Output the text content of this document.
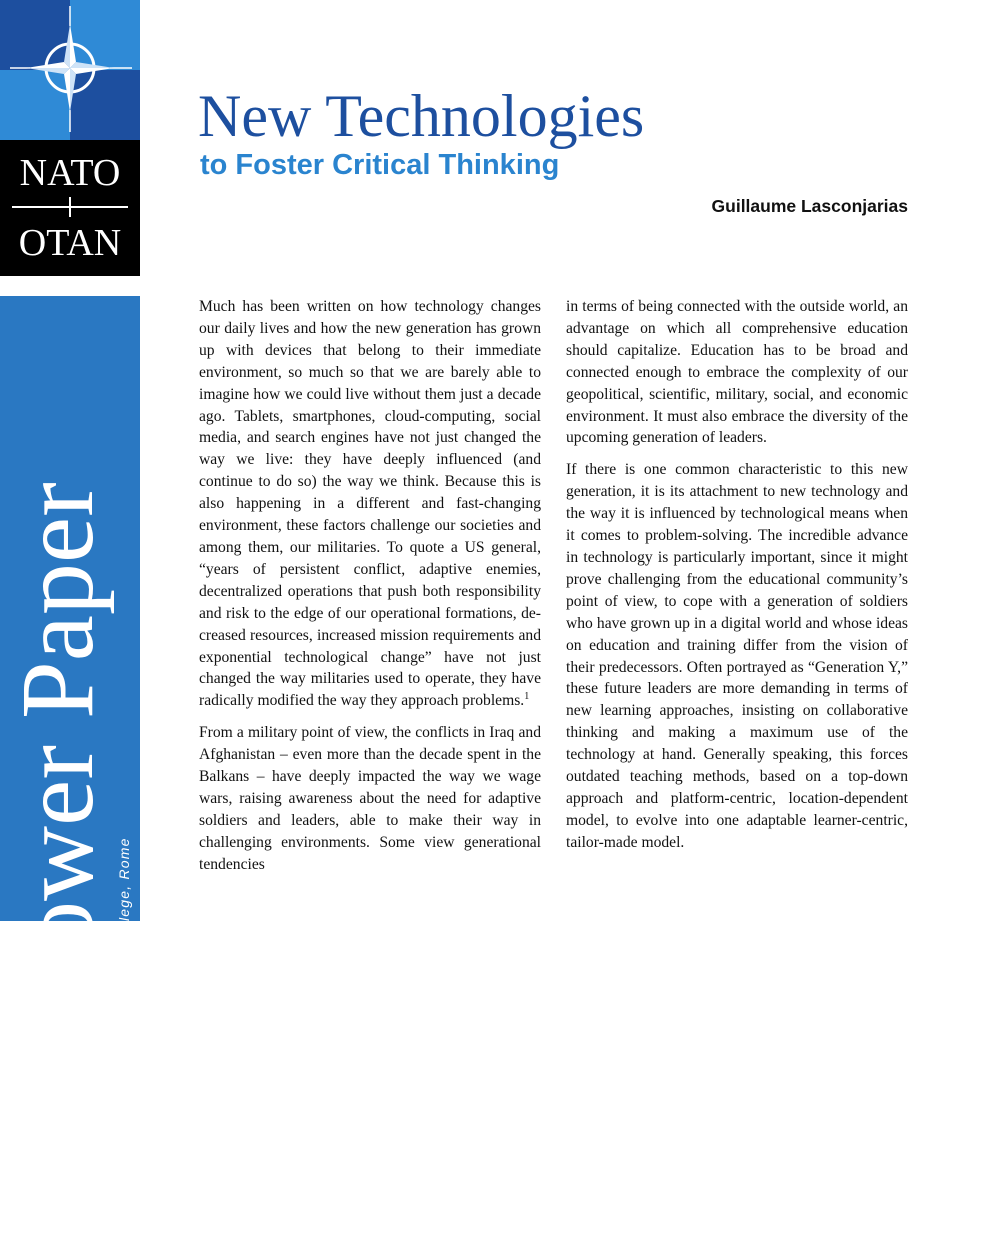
NATO
OTAN
Eisenhower Paper Research Division - NATO Defense College, Rome
New Technologies
to Foster Critical Thinking
Guillaume Lasconjarias

Much has been written on how technology changes our daily lives and how the new generation has grown up with devices that belong to their immediate environment, so much so that we are barely able to imagine how we could live without them just a decade ago. Tablets, smartphones, cloud-computing, social media, and search engines have not just changed the way we live: they have deeply influenced (and continue to do so) the way we think. Because this is also happening in a different and fast-changing environment, these factors challenge our societies and among them, our militaries. To quote a US general, “years of persistent conflict, adaptive enemies, decentralized operations that push both responsibility and risk to the edge of our operational formations, decreased resources, increased mission requirements and exponential technological change” have not just changed the way militaries used to operate, they have radically modified the way they approach problems.$^1$

From a military point of view, the conflicts in Iraq and Afghanistan – even more than the decade spent in the Balkans – have deeply impacted the way we wage wars, raising awareness about the need for adaptive soldiers and leaders, able to make their way in challenging environments. Some view generational tendencies

in terms of being connected with the outside world, an advantage on which all comprehensive education should capitalize. Education has to be broad and connected enough to embrace the complexity of our geopolitical, scientific, military, social, and economic environment. It must also embrace the diversity of the upcoming generation of leaders.

If there is one common characteristic to this new generation, it is its attachment to new technology and the way it is influenced by technological means when it comes to problem-solving. The incredible advance in technology is particularly important, since it might prove challenging from the educational community’s point of view, to cope with a generation of soldiers who have grown up in a digital world and whose ideas on education and training differ from the vision of their predecessors. Often portrayed as “Generation Y,” these future leaders are more demanding in terms of new learning approaches, insisting on collaborative thinking and making a maximum use of the technology at hand. Generally speaking, this forces outdated teaching methods, based on a top-down approach and platform-centric, location-dependent model, to evolve into one adaptable learner-centric, tailor-made model.
